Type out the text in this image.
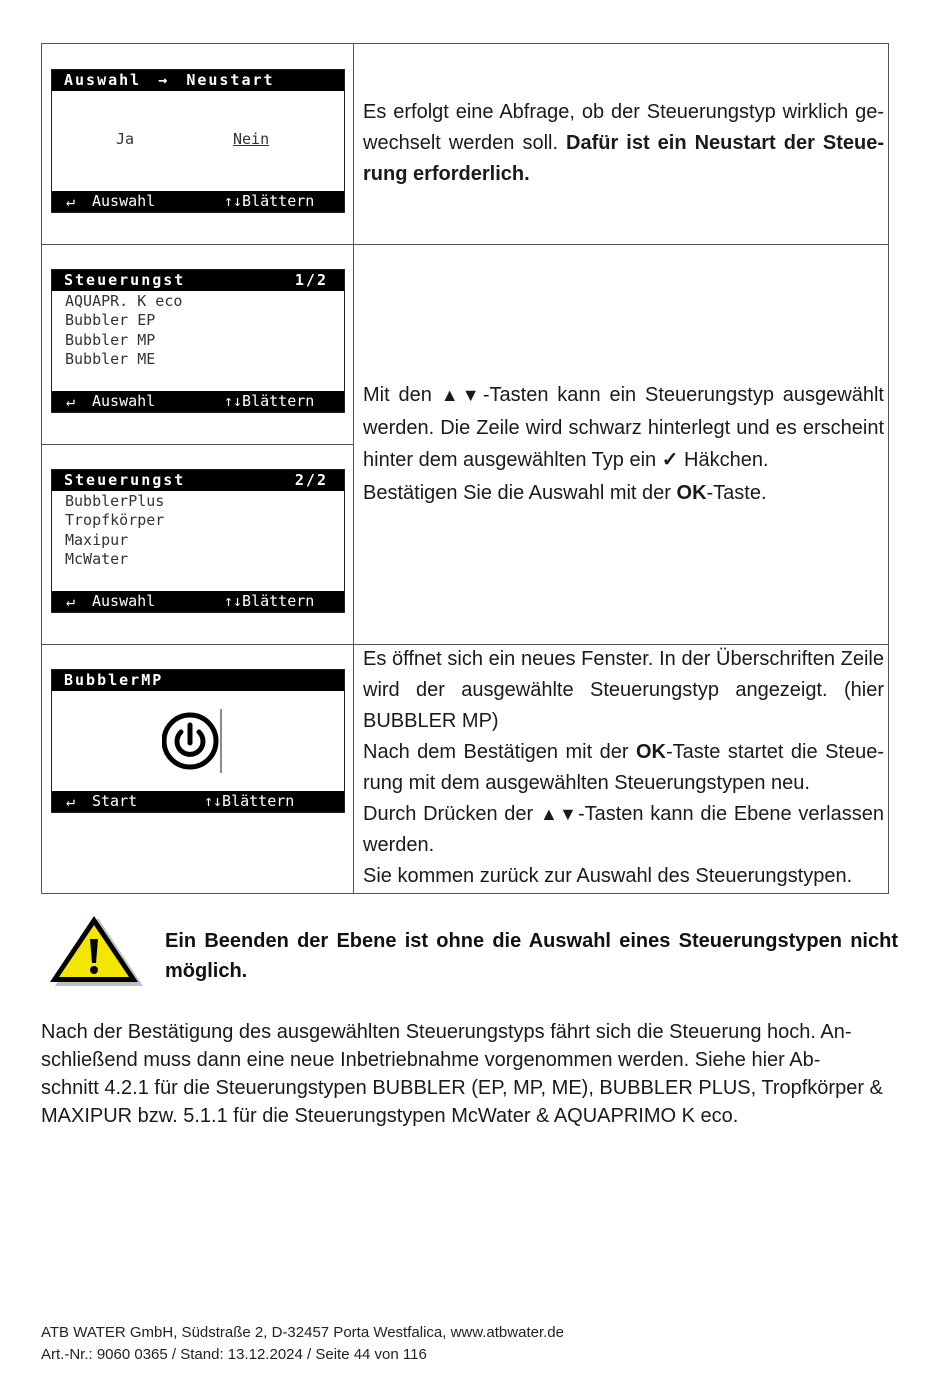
Auswahl → Neustart
Ja	Nein
↵ Auswahl	↑↓Blättern

Es erfolgt eine Abfrage, ob der Steuerungstyp wirklich ge-

wechselt werden soll. Dafür ist ein Neustart der Steue-

rung erforderlich.

Steuerungst	1/2
AQUAPR. K eco
Bubbler EP
Bubbler MP
Bubbler ME
↵ Auswahl	↑↓Blättern
Steuerungst	2/2
BubblerPlus
Tropfkörper
Maxipur
McWater
↵ Auswahl	↑↓Blättern

Mit den ▲▼-Tasten kann ein Steuerungstyp ausgewählt

werden. Die Zeile wird schwarz hinterlegt und es erscheint

hinter dem ausgewählten Typ ein ✓ Häkchen.

Bestätigen Sie die Auswahl mit der OK-Taste.

BubblerMP
↵ Start	↑↓Blättern

Es öffnet sich ein neues Fenster. In der Überschriften Zeile

wird der ausgewählte Steuerungstyp angezeigt. (hier

BUBBLER MP)

Nach dem Bestätigen mit der OK-Taste startet die Steue-

rung mit dem ausgewählten Steuerungstypen neu.

Durch Drücken der ▲▼-Tasten kann die Ebene verlassen

werden.

Sie kommen zurück zur Auswahl des Steuerungstypen.

Ein Beenden der Ebene ist ohne die Auswahl eines Steuerungstypen nicht
möglich.

Nach der Bestätigung des ausgewählten Steuerungstyps fährt sich die Steuerung hoch. An-

schließend muss dann eine neue Inbetriebnahme vorgenommen werden. Siehe hier Ab-

schnitt 4.2.1 für die Steuerungstypen BUBBLER (EP, MP, ME), BUBBLER PLUS, Tropfkörper &

MAXIPUR bzw. 5.1.1 für die Steuerungstypen McWater & AQUAPRIMO K eco.

ATB WATER GmbH, Südstraße 2, D-32457 Porta Westfalica, www.atbwater.de

Art.-Nr.: 9060 0365 / Stand: 13.12.2024 / Seite 44 von 116
